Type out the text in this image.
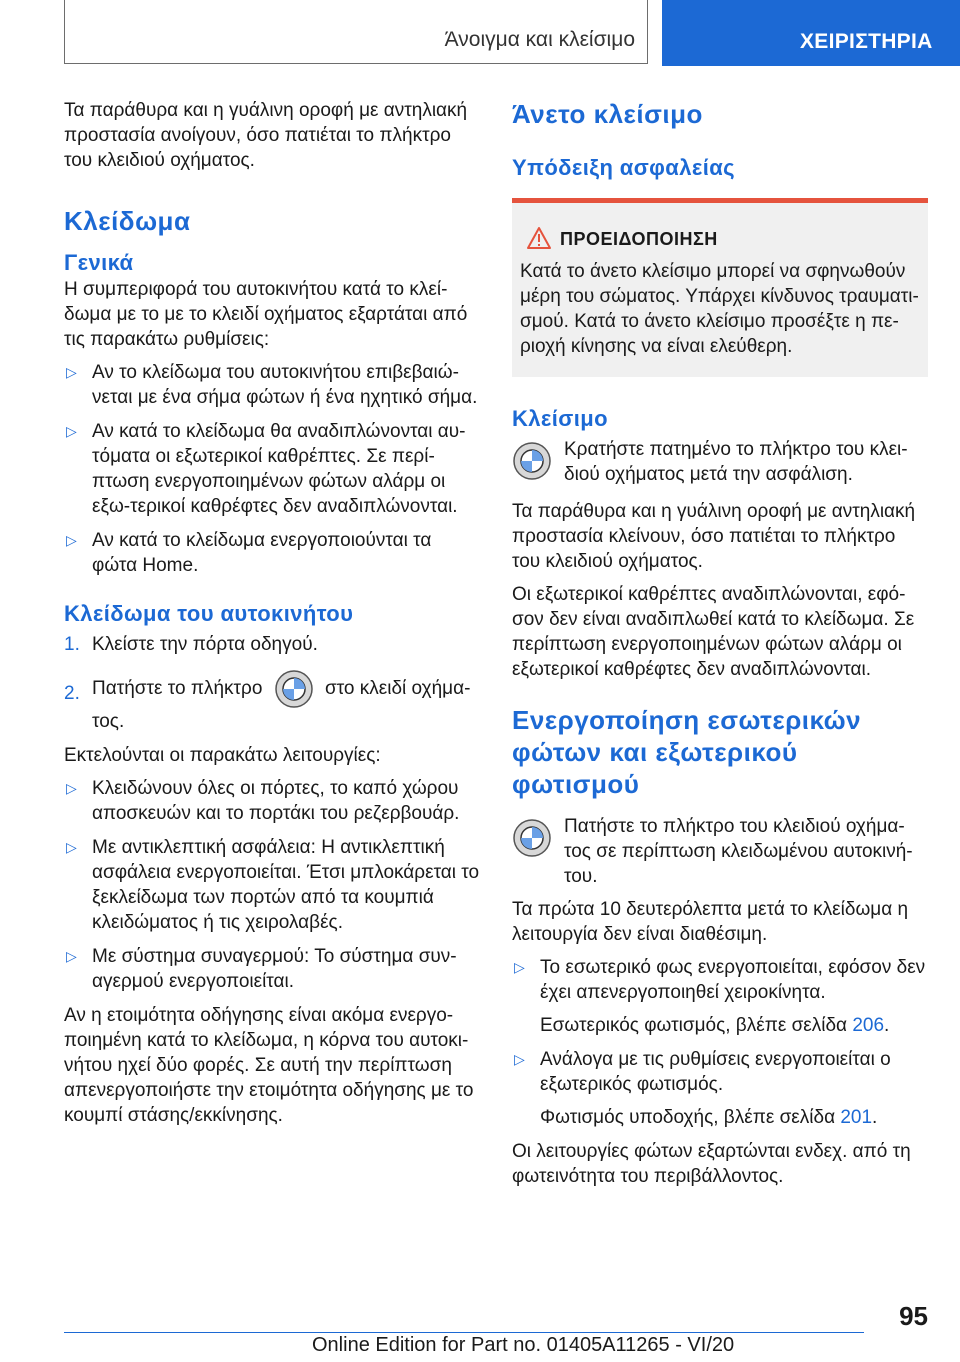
Άνοιγμα και κλείσιμο	ΧΕΙΡΙΣΤΗΡΙΑ

Τα παράθυρα και η γυάλινη οροφή με αντηλιακή προστασία ανοίγουν, όσο πατιέται το πλήκτρο του κλειδιού οχήματος.

Κλείδωμα
Γενικά

Η συμπεριφορά του αυτοκινήτου κατά το κλεί-δωμα με το με το κλειδί οχήματος εξαρτάται από τις παρακάτω ρυθμίσεις:

▷ Αν το κλείδωμα του αυτοκινήτου επιβεβαιώ-νεται με ένα σήμα φώτων ή ένα ηχητικό σήμα.

▷ Αν κατά το κλείδωμα θα αναδιπλώνονται αυ-τόματα οι εξωτερικοί καθρέπτες. Σε περί-πτωση ενεργοποιημένων φώτων αλάρμ οι εξω-τερικοί καθρέφτες δεν αναδιπλώνονται.

▷ Αν κατά το κλείδωμα ενεργοποιούνται τα φώτα Home.

Κλείδωμα του αυτοκινήτου
1. Κλείστε την πόρτα οδηγού.

2. Πατήστε το πλήκτρο	στο κλειδί οχήμα-τος.

Εκτελούνται οι παρακάτω λειτουργίες:

▷ Κλειδώνουν όλες οι πόρτες, το καπό χώρου αποσκευών και το πορτάκι του ρεζερβουάρ.

▷ Με αντικλεπτική ασφάλεια: Η αντικλεπτική ασφάλεια ενεργοποιείται. Έτσι μπλοκάρεται το ξεκλείδωμα των πορτών από τα κουμπιά κλειδώματος ή τις χειρολαβές.

▷ Με σύστημα συναγερμού: Το σύστημα συν-αγερμού ενεργοποιείται.

Αν η ετοιμότητα οδήγησης είναι ακόμα ενεργο-ποιημένη κατά το κλείδωμα, η κόρνα του αυτοκι-νήτου ηχεί δύο φορές. Σε αυτή την περίπτωση απενεργοποιήστε την ετοιμότητα οδήγησης με το κουμπί στάσης/εκκίνησης.

Άνετο κλείσιμο
Υπόδειξη ασφαλείας
ΠΡΟΕΙΔΟΠΟΙΗΣΗ

Κατά το άνετο κλείσιμο μπορεί να σφηνωθούν μέρη του σώματος. Υπάρχει κίνδυνος τραυματι-σμού. Κατά το άνετο κλείσιμο προσέξτε η πε-ριοχή κίνησης να είναι ελεύθερη.

Κλείσιμο

Κρατήστε πατημένο το πλήκτρο του κλει-διού οχήματος μετά την ασφάλιση.

Τα παράθυρα και η γυάλινη οροφή με αντηλιακή προστασία κλείνουν, όσο πατιέται το πλήκτρο του κλειδιού οχήματος.

Οι εξωτερικοί καθρέπτες αναδιπλώνονται, εφό-σον δεν είναι αναδιπλωθεί κατά το κλείδωμα. Σε περίπτωση ενεργοποιημένων φώτων αλάρμ οι εξωτερικοί καθρέφτες δεν αναδιπλώνονται.

Ενεργοποίηση εσωτερικών
φώτων και εξωτερικού φωτισμού

Πατήστε το πλήκτρο του κλειδιού οχήμα-τος σε περίπτωση κλειδωμένου αυτοκινή-του.

Τα πρώτα 10 δευτερόλεπτα μετά το κλείδωμα η λειτουργία δεν είναι διαθέσιμη.

▷ Το εσωτερικό φως ενεργοποιείται, εφόσον δεν έχει απενεργοποιηθεί χειροκίνητα.

Εσωτερικός φωτισμός, βλέπε σελίδα 206.

▷ Ανάλογα με τις ρυθμίσεις ενεργοποιείται ο εξωτερικός φωτισμός.

Φωτισμός υποδοχής, βλέπε σελίδα 201.

Οι λειτουργίες φώτων εξαρτώνται ενδεχ. από τη φωτεινότητα του περιβάλλοντος.

95
Online Edition for Part no. 01405A11265 - VI/20
